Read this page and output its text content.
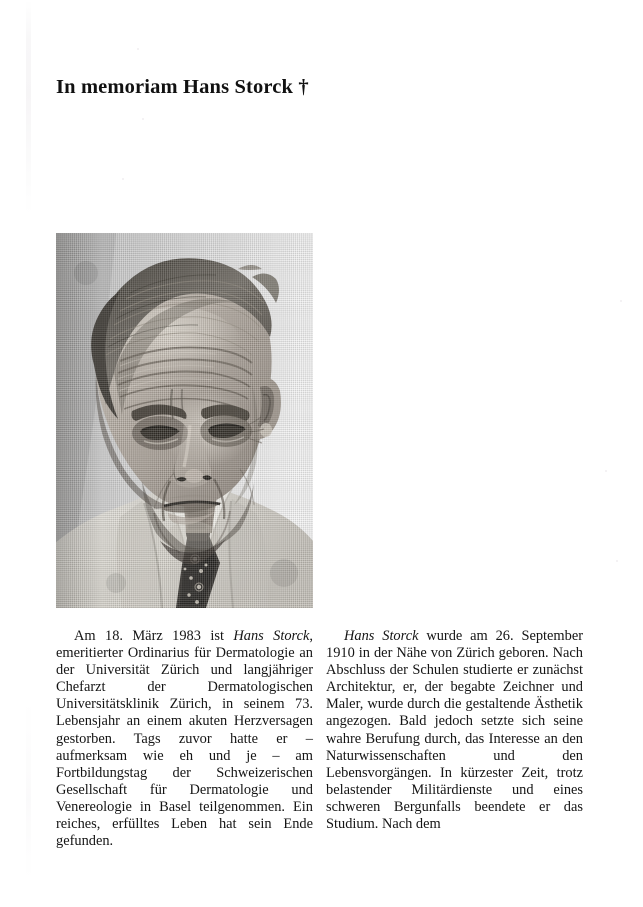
In memoriam Hans Storck †

Am 18. März 1983 ist Hans Storck, emeritierter Ordinarius für Dermatologie an der Universität Zürich und langjähriger Chefarzt der Dermatologischen Universitätsklinik Zürich, in seinem 73. Lebensjahr an einem akuten Herzversagen gestorben. Tags zuvor hatte er – aufmerksam wie eh und je – am Fortbildungstag der Schweizerischen Gesellschaft für Dermatologie und Venereologie in Basel teilgenommen. Ein reiches, erfülltes Leben hat sein Ende gefunden.

Hans Storck wurde am 26. September 1910 in der Nähe von Zürich geboren. Nach Abschluss der Schulen studierte er zunächst Architektur, er, der begabte Zeichner und Maler, wurde durch die gestaltende Ästhetik angezogen. Bald jedoch setzte sich seine wahre Berufung durch, das Interesse an den Naturwissenschaften und den Lebensvorgängen. In kürzester Zeit, trotz belastender Militärdienste und eines schweren Bergunfalls beendete er das Studium. Nach dem
